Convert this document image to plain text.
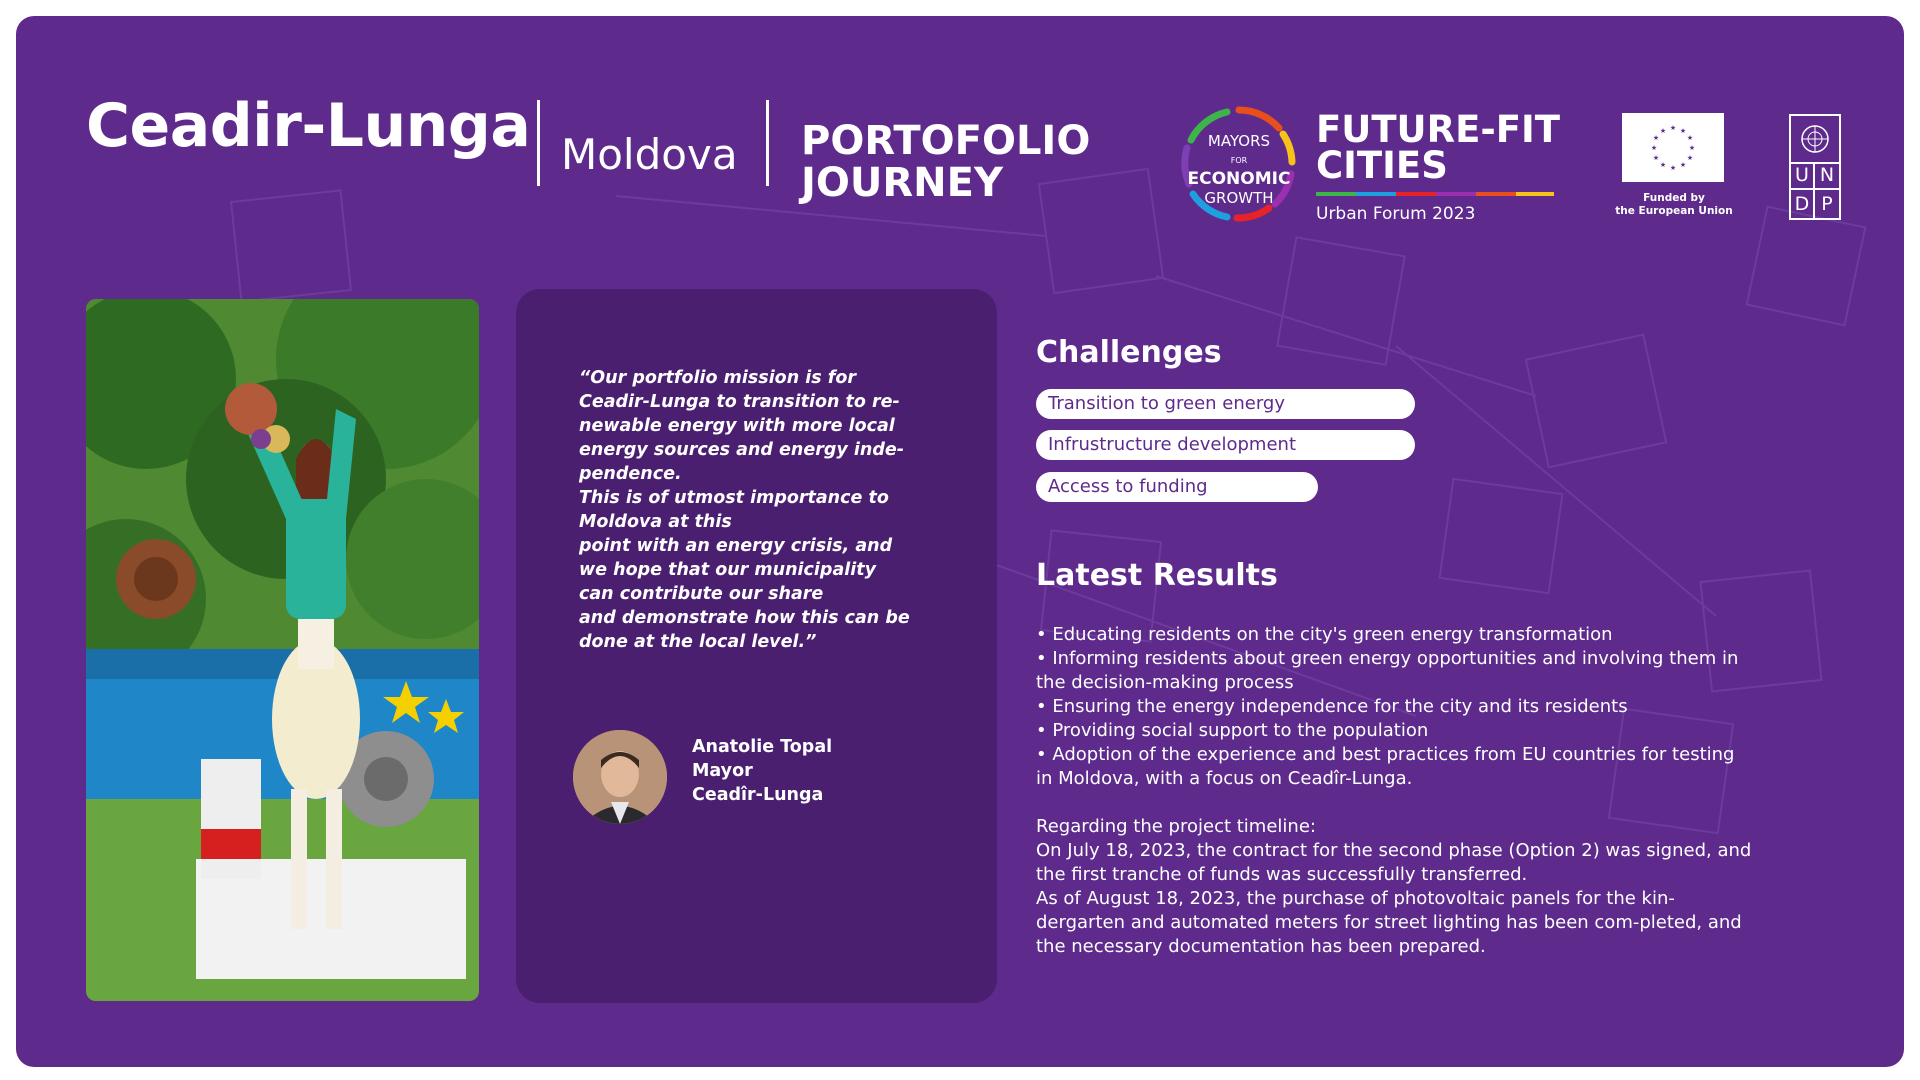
Ceadir-Lunga Moldova PORTOFOLIO
JOURNEY
MAYORS
FOR ECONOMIC
GROWTH
FUTURE-FIT
CITIES
Urban Forum 2023
★ ★
★
★
★
★
★
★
★
★
★
★
Funded by
the European Union
U N
D P
“Our portfolio mission is for
Ceadir-Lunga to transition to re-
newable energy with more local
energy sources and energy inde-
pendence.
This is of utmost importance to
Moldova at this
point with an energy crisis, and
we hope that our municipality
can contribute our share
and demonstrate how this can be
done at the local level.”
Anatolie Topal
Mayor
Ceadîr-Lunga
Challenges
Transition to green energy
Infrustructure development
Access to funding
Latest Results
• Educating residents on the city's green energy transformation
• Informing residents about green energy opportunities and involving them in the decision-making process
• Ensuring the energy independence for the city and its residents
• Providing social support to the population
• Adoption of the experience and best practices from EU countries for testing in Moldova, with a focus on Ceadîr-Lunga.
Regarding the project timeline:
On July 18, 2023, the contract for the second phase (Option 2) was signed, and the first tranche of funds was successfully transferred.
As of August 18, 2023, the purchase of photovoltaic panels for the kin-dergarten and automated meters for street lighting has been com-pleted, and the necessary documentation has been prepared.
